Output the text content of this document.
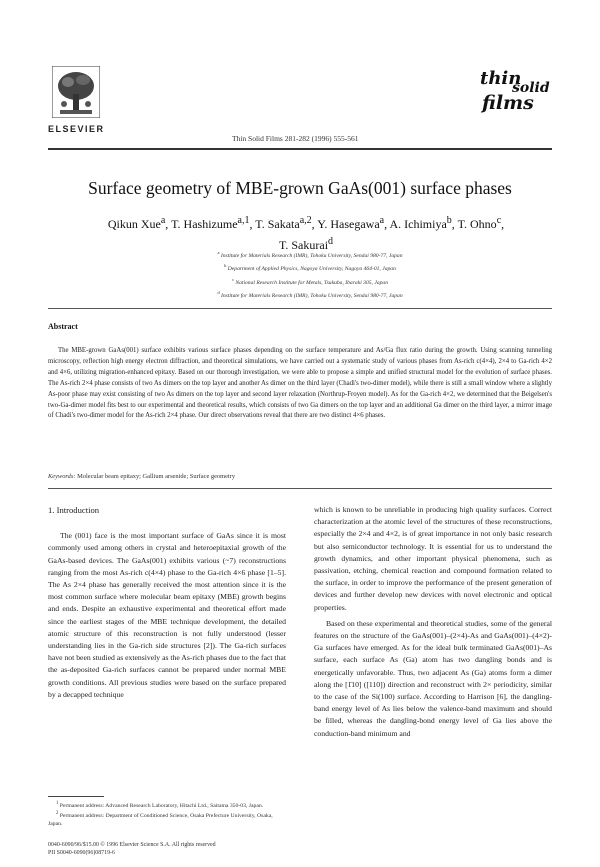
ELSEVIER
Thin Solid Films 281-282 (1996) 555-561
thin
solid
films
Surface geometry of MBE-grown GaAs(001) surface phases
Qikun Xue$^a$, T. Hashizume$^{a,1}$, T. Sakata$^{a,2}$, Y. Hasegawa$^a$, A. Ichimiya$^b$, T. Ohno$^c$,
T. Sakurai$^d$
$^a$ Institute for Materials Research (IMR), Tohoku University, Sendai 980-77, Japan
$^b$ Department of Applied Physics, Nagoya University, Nagoya 464-01, Japan
$^c$ National Research Institute for Metals, Tsukuba, Ibaraki 305, Japan
$^d$ Institute for Materials Research (IMR), Tohoku University, Sendai 980-77, Japan
Abstract
The MBE-grown GaAs(001) surface exhibits various surface phases depending on the surface temperature and As/Ga flux ratio during the growth. Using scanning tunneling microscopy, reflection high energy electron diffraction, and theoretical simulations, we have carried out a systematic study of various phases from As-rich c(4×4), 2×4 to Ga-rich 4×2 and 4×6, utilizing migration-enhanced epitaxy. Based on our thorough investigation, we were able to propose a simple and unified structural model for the evolution of surface phases. The As-rich 2×4 phase consists of two As dimers on the top layer and another As dimer on the third layer (Chadi's two-dimer model), while there is still a small window where a slightly As-poor phase may exist consisting of two As dimers on the top layer and second layer relaxation (Northrup-Froyen model). As for the Ga-rich 4×2, we determined that the Beigelsen's two-Ga-dimer model fits best to our experimental and theoretical results, which consists of two Ga dimers on the top layer and an additional Ga dimer on the third layer, a mirror image of Chadi's two-dimer model for the As-rich 2×4 phase. Our direct observations reveal that there are two distinct 4×6 phases.
Keywords: Molecular beam epitaxy; Gallium arsenide; Surface geometry
1. Introduction

The (001) face is the most important surface of GaAs since it is most commonly used among others in crystal and heteroepitaxial growth of the GaAs-based devices. The GaAs(001) exhibits various (~7) reconstructions ranging from the most As-rich c(4×4) phase to the Ga-rich 4×6 phase [1–5]. The As 2×4 phase has generally received the most attention since it is the most common surface where molecular beam epitaxy (MBE) growth begins and ends. Despite an exhaustive experimental and theoretical effort made since the earliest stages of the MBE technique development, the detailed atomic structure of this reconstruction is not fully understood (lesser understanding lies in the Ga-rich side structures [2]). The Ga-rich surfaces have not been studied as extensively as the As-rich phases due to the fact that the as-deposited Ga-rich surfaces cannot be prepared under normal MBE growth conditions. All previous studies were based on the surface prepared by a decapped technique

which is known to be unreliable in producing high quality surfaces. Correct characterization at the atomic level of the structures of these reconstructions, especially the 2×4 and 4×2, is of great importance in not only basic research but also semiconductor technology. It is essential for us to understand the growth dynamics, and other important physical phenomena, such as passivation, etching, chemical reaction and compound formation related to the surface, in order to improve the performance of the present generation of devices and further develop new devices with novel electronic and optical properties.

Based on these experimental and theoretical studies, some of the general features on the structure of the GaAs(001)–(2×4)-As and GaAs(001)–(4×2)-Ga surfaces have emerged. As for the ideal bulk terminated GaAs(001)–As surface, each surface As (Ga) atom has two dangling bonds and is energetically unfavorable. Thus, two adjacent As (Ga) atoms form a dimer along the [1̄10] ([110]) direction and reconstruct with 2× periodicity, similar to the case of the Si(100) surface. According to Harrison [6], the dangling-band energy level of As lies below the valence-band maximum and should be filled, whereas the dangling-bond energy level of Ga lies above the conduction-band minimum and

$^1$ Permanent address: Advanced Research Laboratory, Hitachi Ltd., Saitama 350-03, Japan.

$^2$ Permanent address: Department of Conditioned Science, Osaka Prefecture University, Osaka, Japan.

0040-6090/96/$15.00 © 1996 Elsevier Science S.A. All rights reserved
PII S0040-6090(96)08719-6
